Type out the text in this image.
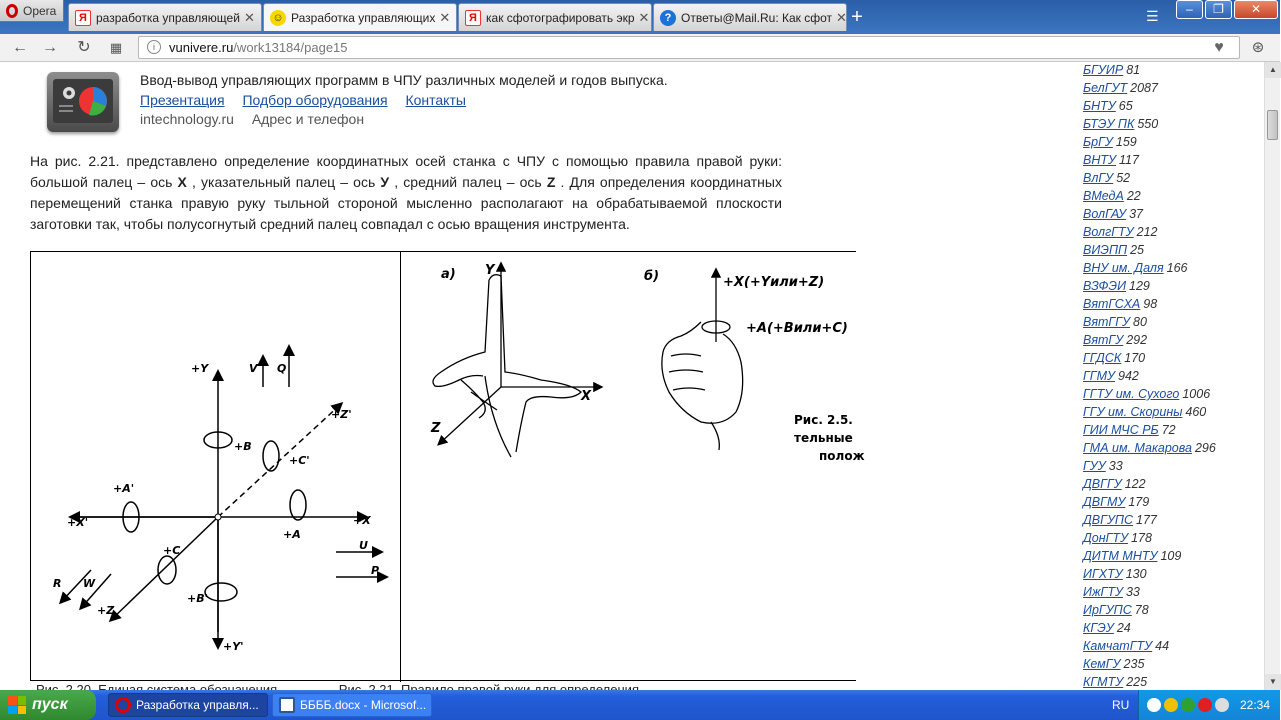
Opera	Я разработка управляющей ✕ ☺ Разработка управляющих ✕	Я как сфотографировать экр ✕	? Ответы@Mail.Ru: Как сфот ✕ +	☰	–	❐	✕
← → ↻ ▦	i	vunivere.ru/work13184/page15	♥	⊛
Ввод-вывод управляющих программ в ЧПУ различных моделей и годов выпуска.
Презентация Подбор оборудования Контакты
intechnology.ru Адрес и телефон
На рис. 2.21. представлено определение координатных осей станка с ЧПУ с помощью правила правой руки: большой палец – ось X , указательный палец – ось У , средний палец – ось Z . Для определения координатных перемещений станка правую руку тыльной стороной мысленно располагают на обрабатываемой плоскости заготовки так, чтобы полусогнутый средний палец совпадал с осью вращения инструмента.
+Y	V Q
+B
+Z'
+C'
+A'
+X'	+X
+A
+C	U
P
R W
+Z
+B'
+Y'
а)	б)
Y
X
Z
+X(+Yили+Z)
+A(+Bили+C)
Рис. 2.5.
тельные
полож
БГУИР 81
БелГУТ 2087
БНТУ 65
БТЭУ ПК 550
БрГУ 159
ВНТУ 117
ВлГУ 52
ВМедА 22
ВолГАУ 37
ВолгГТУ 212
ВИЭПП 25
ВНУ им. Даля 166
ВЗФЭИ 129
ВятГСХА 98
ВятГГУ 80
ВятГУ 292
ГГДСК 170
ГГМУ 942
ГГТУ им. Сухого 1006
ГГУ им. Скорины 460
ГИИ МЧС РБ 72
ГМА им. Макарова 296
ГУУ 33
ДВГГУ 122
ДВГМУ 179
ДВГУПС 177
ДонГТУ 178
ДИТМ МНТУ 109
ИГХТУ 130
ИжГТУ 33
ИрГУПС 78
КГЭУ 24
КамчатГТУ 44
КемГУ 235
КГМТУ 225
▲
▼
пуск	Разработка управля...	ББББ.docx - Microsof...	RU	22:34
